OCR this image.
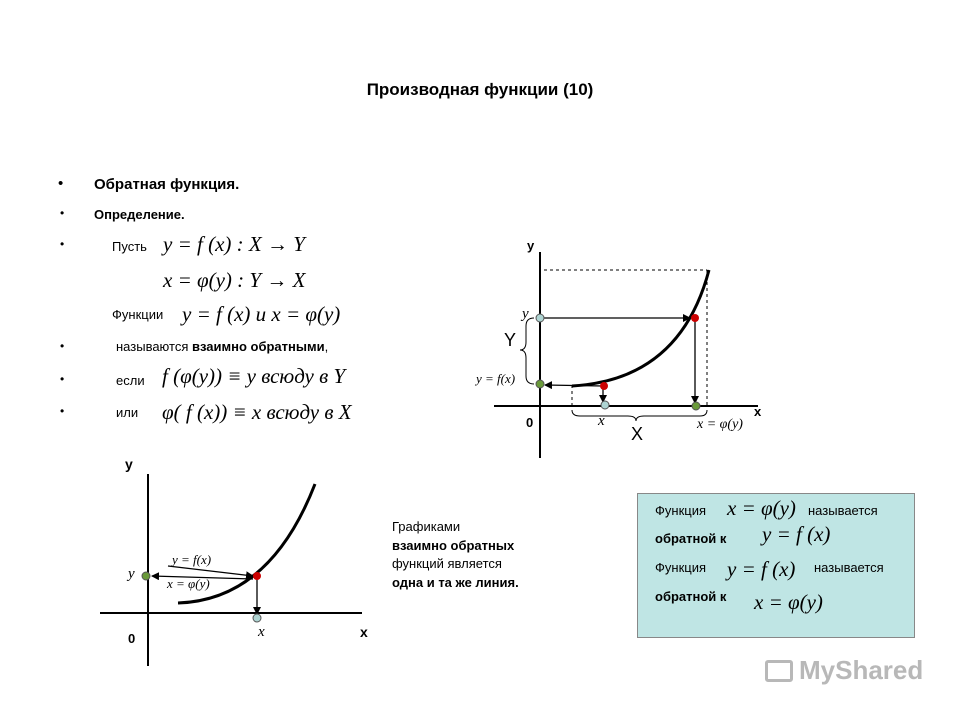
Производная функции (10)
• Обратная функция.
• Определение.
•	Пусть y = f (x) : X → Y
x = φ(y) : Y → X
Функции y = f (x) и x = φ(y)
•	называются взаимно обратными,
•	если f (φ(y)) ≡ y всюду в Y
•	или φ( f (x)) ≡ x всюду в X
y
x
0
y
Y
y = f(x)
x
X	x = φ(y)
y
x
0
y
y = f(x)
x = φ(y)
x
Графиками
взаимно обратных
функций является
одна и та же линия.
Функция x = φ(y) называется
обратной к y = f (x)
Функция y = f (x) называется
обратной к x = φ(y)
MyShared
